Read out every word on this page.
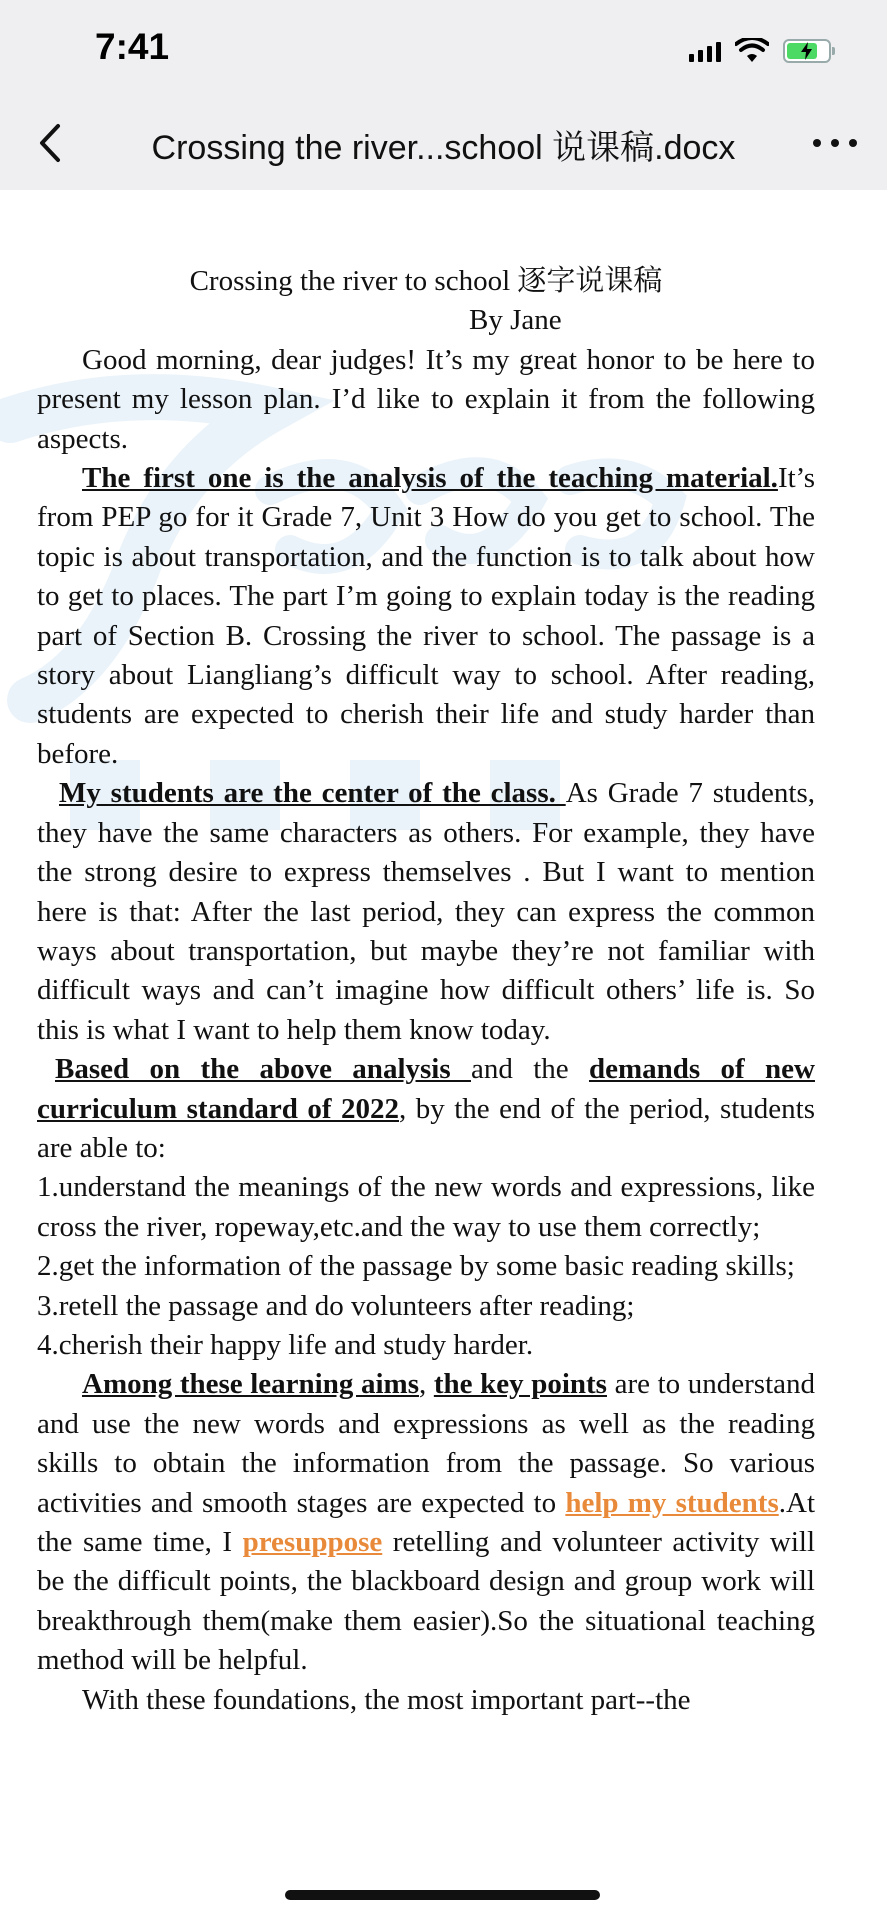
7:41
Crossing the river...school 说课稿.docx

Crossing the river to school 逐字说课稿

By Jane

Good morning, dear judges! It’s my great honor to be here to present my lesson plan. I’d like to explain it from the following aspects.

The first one is the analysis of the teaching material.It’s from PEP go for it Grade 7, Unit 3 How do you get to school. The topic is about transportation, and the function is to talk about how to get to places. The part I’m going to explain today is the reading part of Section B. Crossing the river to school. The passage is a story about Liangliang’s difficult way to school. After reading, students are expected to cherish their life and study harder than before.

My students are the center of the class. As Grade 7 students, they have the same characters as others. For example, they have the strong desire to express themselves . But I want to mention here is that: After the last period, they can express the common ways about transportation, but maybe they’re not familiar with difficult ways and can’t imagine how difficult others’ life is. So this is what I want to help them know today.

Based on the above analysis and the demands of new curriculum standard of 2022, by the end of the period, students are able to:

1.understand the meanings of the new words and expressions, like cross the river, ropeway,etc.and the way to use them correctly;

2.get the information of the passage by some basic reading skills;

3.retell the passage and do volunteers after reading;

4.cherish their happy life and study harder.

Among these learning aims, the key points are to understand and use the new words and expressions as well as the reading skills to obtain the information from the passage. So various activities and smooth stages are expected to help my students.At the same time, I presuppose retelling and volunteer activity will be the difficult points, the blackboard design and group work will breakthrough them(make them easier).So the situational teaching method will be helpful.

With these foundations, the most important part--the
